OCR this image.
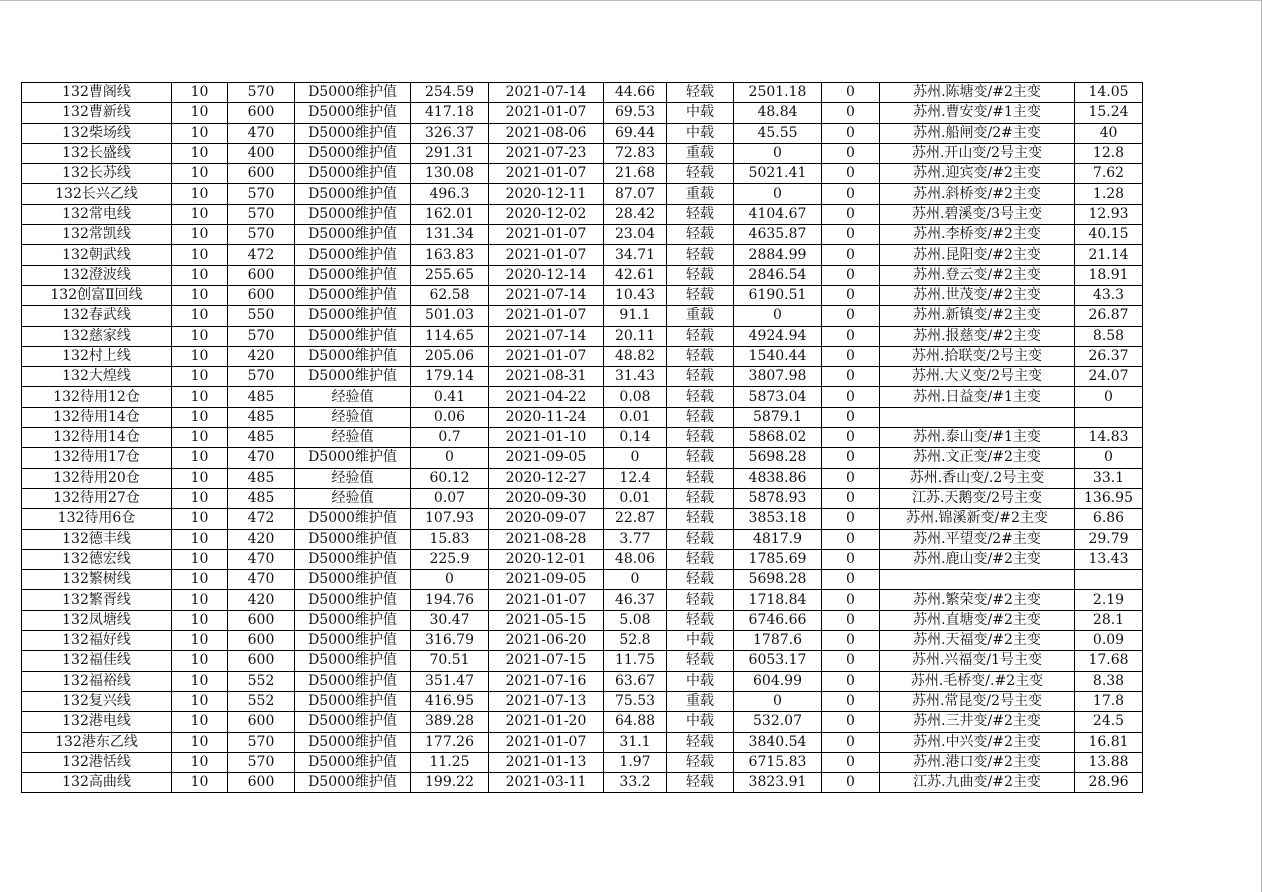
132曹阁线	10	570	D5000维护值	254.59	2021-07-14	44.66	轻载	2501.18	0	苏州.陈塘变/#2主变	14.05
132曹新线	10	600	D5000维护值	417.18	2021-01-07	69.53	中载	48.84	0	苏州.曹安变/#1主变	15.24
132柴场线	10	470	D5000维护值	326.37	2021-08-06	69.44	中载	45.55	0	苏州.船闸变/2#主变	40
132长盛线	10	400	D5000维护值	291.31	2021-07-23	72.83	重载	0	0	苏州.开山变/2号主变	12.8
132长苏线	10	600	D5000维护值	130.08	2021-01-07	21.68	轻载	5021.41	0	苏州.迎宾变/#2主变	7.62
132长兴乙线	10	570	D5000维护值	496.3	2020-12-11	87.07	重载	0	0	苏州.斜桥变/#2主变	1.28
132常电线	10	570	D5000维护值	162.01	2020-12-02	28.42	轻载	4104.67	0	苏州.碧溪变/3号主变	12.93
132常凯线	10	570	D5000维护值	131.34	2021-01-07	23.04	轻载	4635.87	0	苏州.李桥变/#2主变	40.15
132朝武线	10	472	D5000维护值	163.83	2021-01-07	34.71	轻载	2884.99	0	苏州.昆阳变/#2主变	21.14
132澄波线	10	600	D5000维护值	255.65	2020-12-14	42.61	轻载	2846.54	0	苏州.登云变/#2主变	18.91
132创富Ⅱ回线	10	600	D5000维护值	62.58	2021-07-14	10.43	轻载	6190.51	0	苏州.世茂变/#2主变	43.3
132春武线	10	550	D5000维护值	501.03	2021-01-07	91.1	重载	0	0	苏州.新镇变/#2主变	26.87
132慈家线	10	570	D5000维护值	114.65	2021-07-14	20.11	轻载	4924.94	0	苏州.报慈变/#2主变	8.58
132村上线	10	420	D5000维护值	205.06	2021-01-07	48.82	轻载	1540.44	0	苏州.拾联变/2号主变	26.37
132大煌线	10	570	D5000维护值	179.14	2021-08-31	31.43	轻载	3807.98	0	苏州.大义变/2号主变	24.07
132待用12仓	10	485	经验值	0.41	2021-04-22	0.08	轻载	5873.04	0	苏州.日益变/#1主变	0
132待用14仓	10	485	经验值	0.06	2020-11-24	0.01	轻载	5879.1	0		
132待用14仓	10	485	经验值	0.7	2021-01-10	0.14	轻载	5868.02	0	苏州.泰山变/#1主变	14.83
132待用17仓	10	470	D5000维护值	0	2021-09-05	0	轻载	5698.28	0	苏州.文正变/#2主变	0
132待用20仓	10	485	经验值	60.12	2020-12-27	12.4	轻载	4838.86	0	苏州.香山变/.2号主变	33.1
132待用27仓	10	485	经验值	0.07	2020-09-30	0.01	轻载	5878.93	0	江苏.天鹅变/2号主变	136.95
132待用6仓	10	472	D5000维护值	107.93	2020-09-07	22.87	轻载	3853.18	0	苏州.锦溪新变/#2主变	6.86
132德丰线	10	420	D5000维护值	15.83	2021-08-28	3.77	轻载	4817.9	0	苏州.平望变/2#主变	29.79
132德宏线	10	470	D5000维护值	225.9	2020-12-01	48.06	轻载	1785.69	0	苏州.鹿山变/#2主变	13.43
132繁树线	10	470	D5000维护值	0	2021-09-05	0	轻载	5698.28	0		
132繁胥线	10	420	D5000维护值	194.76	2021-01-07	46.37	轻载	1718.84	0	苏州.繁荣变/#2主变	2.19
132凤塘线	10	600	D5000维护值	30.47	2021-05-15	5.08	轻载	6746.66	0	苏州.直塘变/#2主变	28.1
132福好线	10	600	D5000维护值	316.79	2021-06-20	52.8	中载	1787.6	0	苏州.天福变/#2主变	0.09
132福佳线	10	600	D5000维护值	70.51	2021-07-15	11.75	轻载	6053.17	0	苏州.兴福变/1号主变	17.68
132福裕线	10	552	D5000维护值	351.47	2021-07-16	63.67	中载	604.99	0	苏州.毛桥变/.#2主变	8.38
132复兴线	10	552	D5000维护值	416.95	2021-07-13	75.53	重载	0	0	苏州.常昆变/2号主变	17.8
132港电线	10	600	D5000维护值	389.28	2021-01-20	64.88	中载	532.07	0	苏州.三井变/#2主变	24.5
132港东乙线	10	570	D5000维护值	177.26	2021-01-07	31.1	轻载	3840.54	0	苏州.中兴变/#2主变	16.81
132港恬线	10	570	D5000维护值	11.25	2021-01-13	1.97	轻载	6715.83	0	苏州.港口变/#2主变	13.88
132高曲线	10	600	D5000维护值	199.22	2021-03-11	33.2	轻载	3823.91	0	江苏.九曲变/#2主变	28.96
